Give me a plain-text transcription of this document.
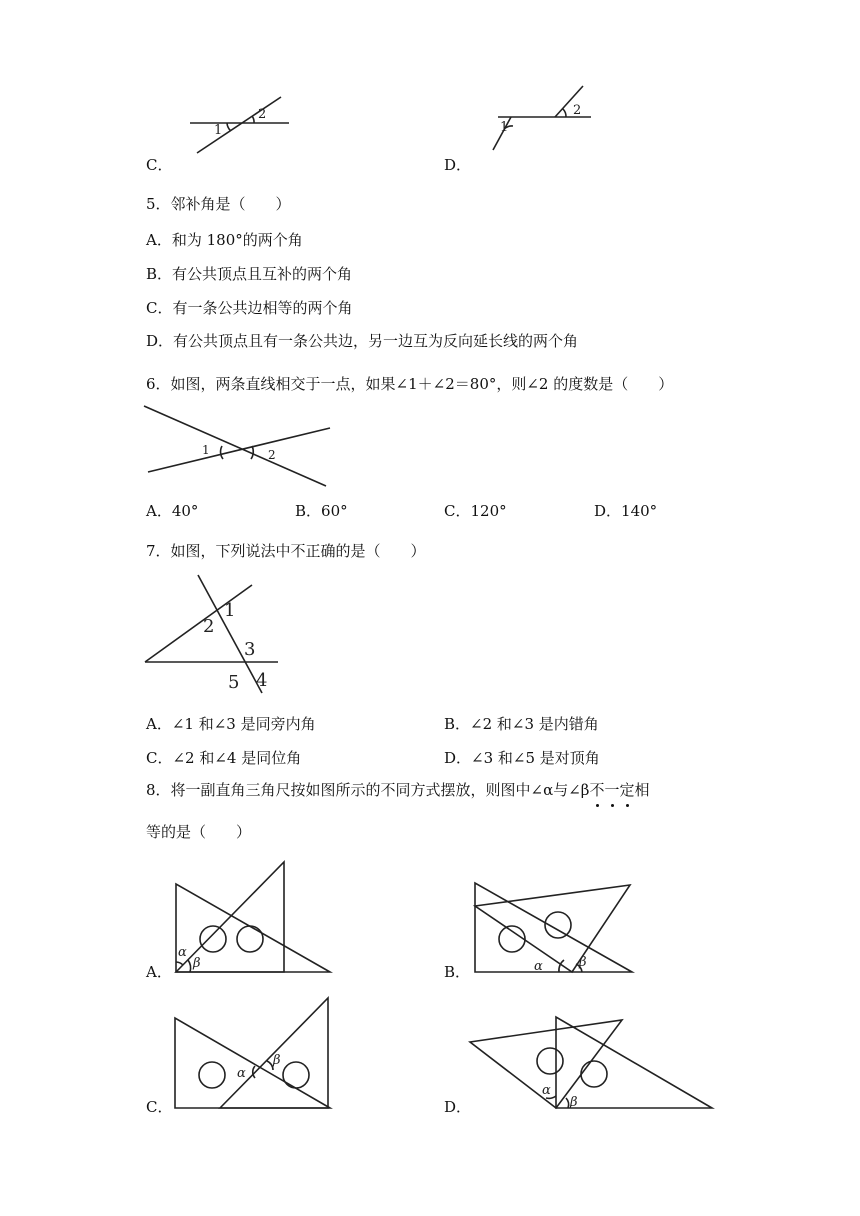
1
2
C．
1
2
D．
5．邻补角是（　　）
A．和为 180°的两个角
B．有公共顶点且互补的两个角
C．有一条公共边相等的两个角
D．有公共顶点且有一条公共边，另一边互为反向延长线的两个角
6．如图，两条直线相交于一点，如果∠1＋∠2＝80°，则∠2 的度数是（　　）
1	2
A．40°	B．60°	C．120°	D．140°
7．如图，下列说法中不正确的是（　　）
1
2
3
4
5
A．∠1 和∠3 是同旁内角	B．∠2 和∠3 是内错角
C．∠2 和∠4 是同位角	D．∠3 和∠5 是对顶角
8．将一副直角三角尺按如图所示的不同方式摆放，则图中∠α与∠β不一定相
等的是（　　）
α
β
A．	α	β
B．
α
β
C．
α
β
D．
